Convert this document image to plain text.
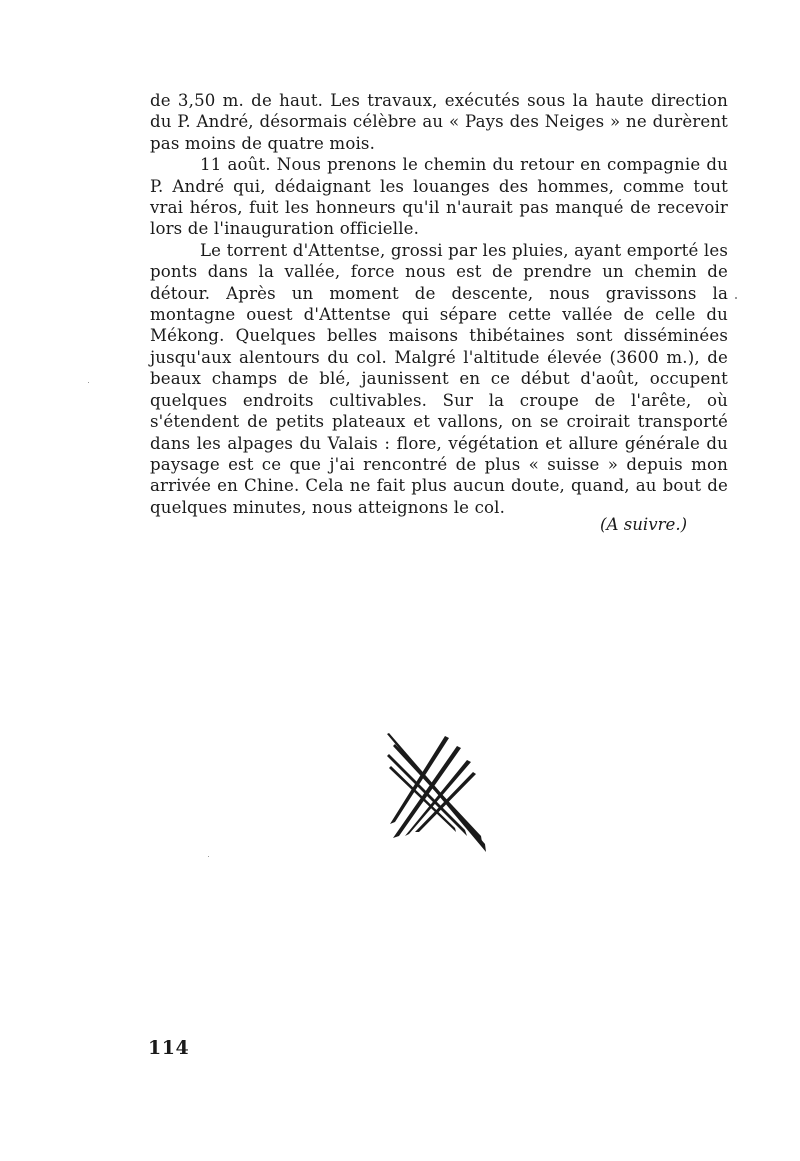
de 3,50 m. de haut. Les travaux, exécutés sous la haute direction du P. André, désormais célèbre au « Pays des Neiges » ne durèrent pas moins de quatre mois.

11 août. Nous prenons le chemin du retour en compagnie du P. André qui, dédaignant les louanges des hommes, comme tout vrai héros, fuit les honneurs qu'il n'aurait pas manqué de recevoir lors de l'inauguration officielle.

Le torrent d'Attentse, grossi par les pluies, ayant emporté les ponts dans la vallée, force nous est de prendre un chemin de détour. Après un moment de descente, nous gravissons la montagne ouest d'Attentse qui sépare cette vallée de celle du Mékong. Quelques belles maisons thibétaines sont disséminées jusqu'aux alentours du col. Malgré l'altitude élevée (3600 m.), de beaux champs de blé, jaunissent en ce début d'août, occupent quelques endroits cultivables. Sur la croupe de l'arête, où s'étendent de petits plateaux et vallons, on se croirait transporté dans les alpages du Valais : flore, végétation et allure générale du paysage est ce que j'ai rencontré de plus « suisse » depuis mon arrivée en Chine. Cela ne fait plus aucun doute, quand, au bout de quelques minutes, nous atteignons le col.

(A suivre.)
114
